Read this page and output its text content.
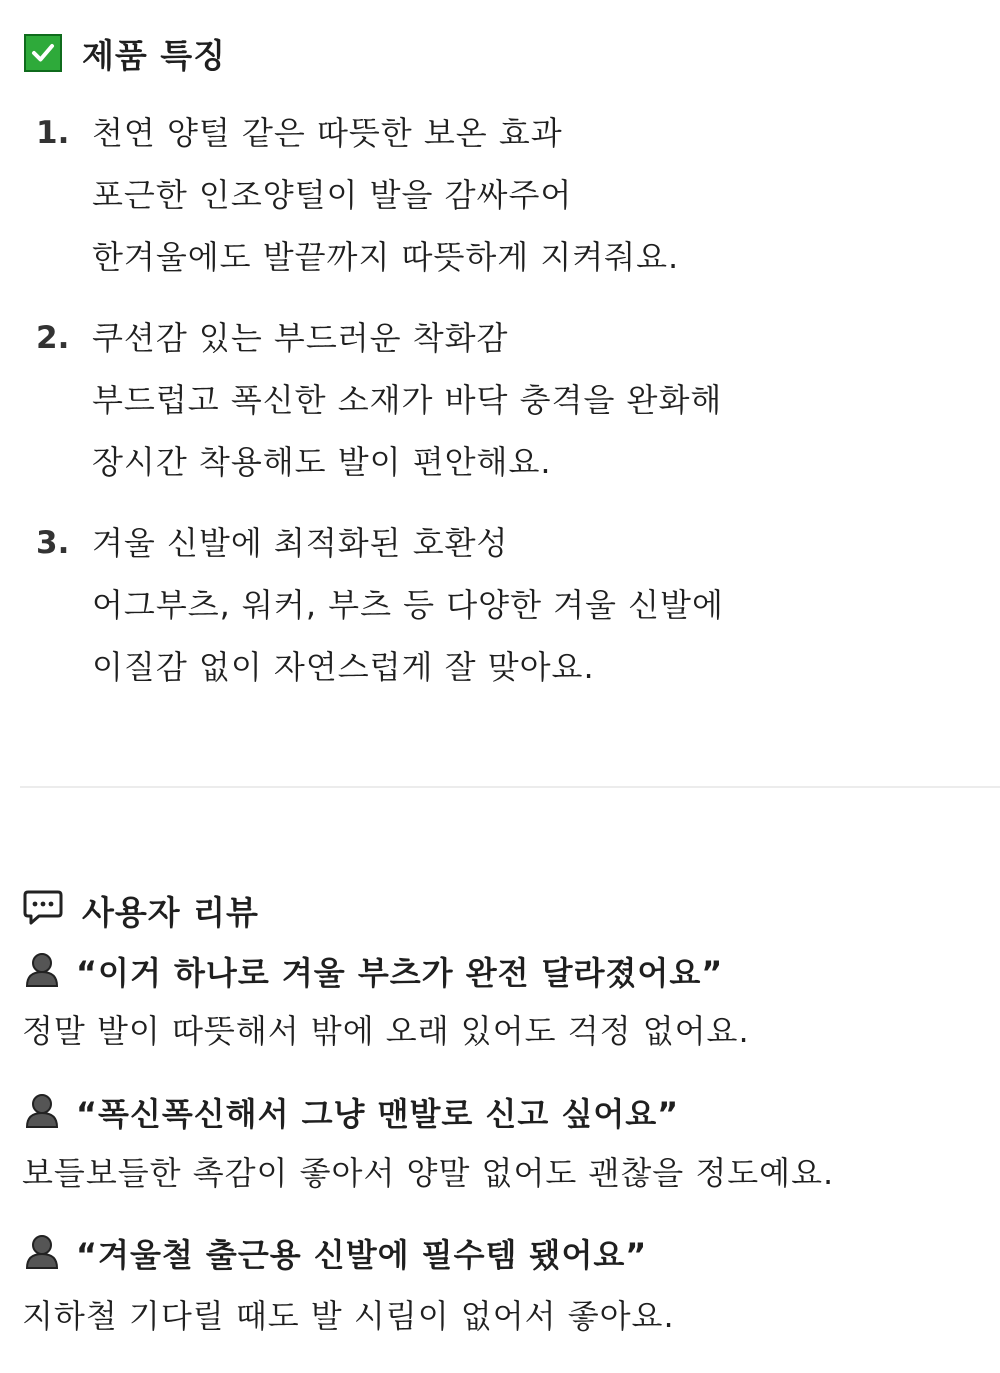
제품 특징
1. 천연 양털 같은 따뜻한 보온 효과
포근한 인조양털이 발을 감싸주어
한겨울에도 발끝까지 따뜻하게 지켜줘요.
2. 쿠션감 있는 부드러운 착화감
부드럽고 폭신한 소재가 바닥 충격을 완화해
장시간 착용해도 발이 편안해요.
3. 겨울 신발에 최적화된 호환성
어그부츠, 워커, 부츠 등 다양한 겨울 신발에
이질감 없이 자연스럽게 잘 맞아요.
사용자 리뷰
“이거 하나로 겨울 부츠가 완전 달라졌어요”
정말 발이 따뜻해서 밖에 오래 있어도 걱정 없어요.
“폭신폭신해서 그냥 맨발로 신고 싶어요”
보들보들한 촉감이 좋아서 양말 없어도 괜찮을 정도예요.
“겨울철 출근용 신발에 필수템 됐어요”
지하철 기다릴 때도 발 시림이 없어서 좋아요.
